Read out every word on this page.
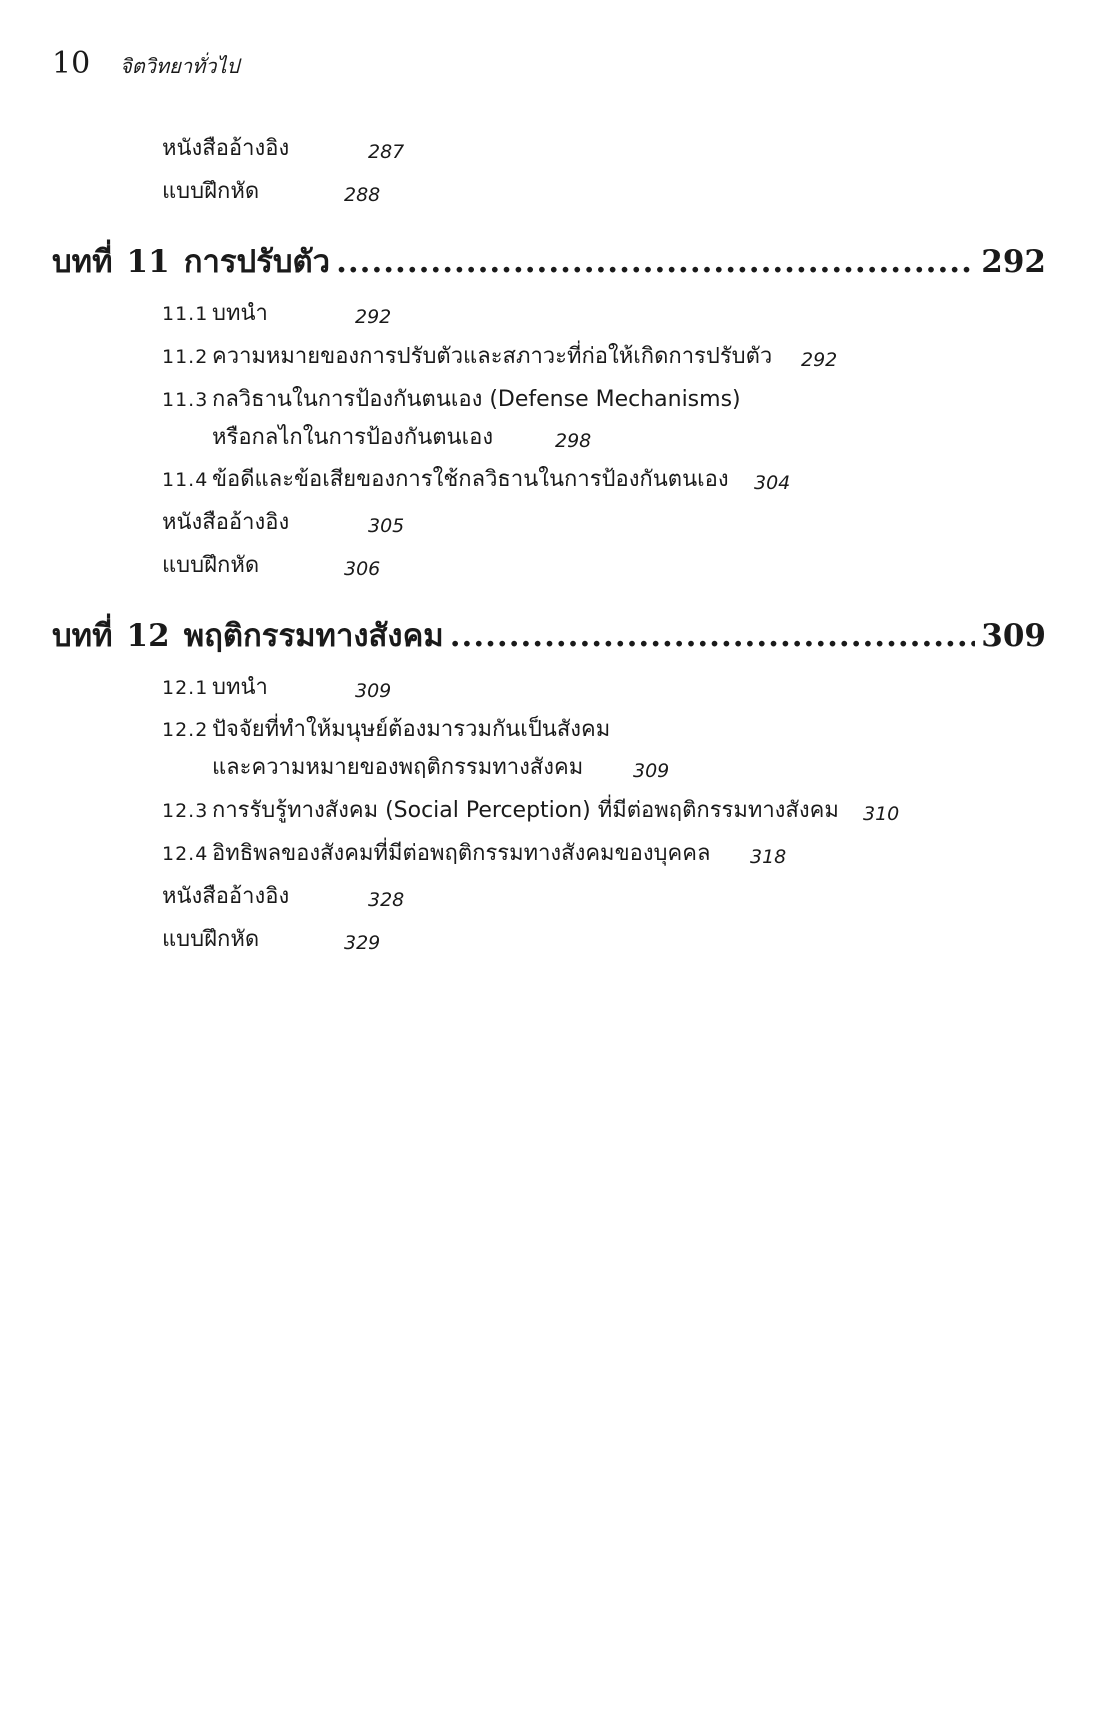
10 จิตวิทยาทั่วไป
หนังสืออ้างอิง	287
แบบฝึกหัด	288
บทที่ 11 การปรับตัว .....	292
11.1 บทนำ	292
11.2 ความหมายของการปรับตัวและสภาวะที่ก่อให้เกิดการปรับตัว 292
11.3 กลวิธานในการป้องกันตนเอง (Defense Mechanisms)
หรือกลไกในการป้องกันตนเอง	298
11.4 ข้อดีและข้อเสียของการใช้กลวิธานในการป้องกันตนเอง 304
หนังสืออ้างอิง	305
แบบฝึกหัด	306
บทที่ 12 พฤติกรรมทางสังคม .....	309
12.1 บทนำ	309
12.2 ปัจจัยที่ทำให้มนุษย์ต้องมารวมกันเป็นสังคม
และความหมายของพฤติกรรมทางสังคม	309
12.3 การรับรู้ทางสังคม (Social Perception) ที่มีต่อพฤติกรรมทางสังคม 310
12.4 อิทธิพลของสังคมที่มีต่อพฤติกรรมทางสังคมของบุคคล 318
หนังสืออ้างอิง	328
แบบฝึกหัด	329
